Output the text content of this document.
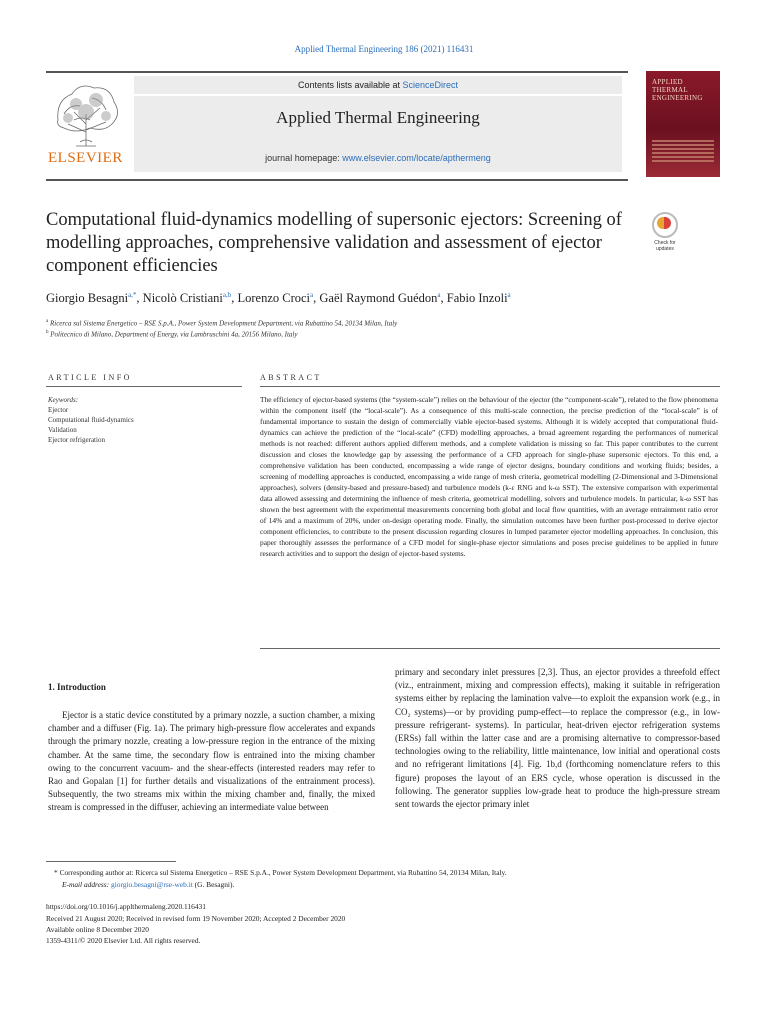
Applied Thermal Engineering 186 (2021) 116431
ELSEVIER
Contents lists available at ScienceDirect
Applied Thermal Engineering
journal homepage: www.elsevier.com/locate/apthermeng
APPLIED
THERMAL
ENGINEERING
Check for
updates
Computational fluid-dynamics modelling of supersonic ejectors: Screening of modelling approaches, comprehensive validation and assessment of ejector component efficiencies
Giorgio Besagni$^{a,*}$, Nicolò Cristiani$^{a,b}$, Lorenzo Croci$^a$, Gaël Raymond Guédon$^a$, Fabio Inzoli$^a$
$^a$ Ricerca sul Sistema Energetico – RSE S.p.A., Power System Development Department, via Rubattino 54, 20134 Milan, Italy
$^b$ Politecnico di Milano, Department of Energy, via Lambruschini 4a, 20156 Milano, Italy
ARTICLE INFO
Keywords:
Ejector
Computational fluid-dynamics
Validation
Ejector refrigeration
ABSTRACT
The efficiency of ejector-based systems (the “system-scale”) relies on the behaviour of the ejector (the “component-scale”), related to the flow phenomena within the component itself (the “local-scale”). As a consequence of this multi-scale connection, the precise prediction of the “local-scale” is of fundamental importance to sustain the design of commercially viable ejector-based systems. Although it is widely accepted that computational fluid-dynamics can achieve the prediction of the “local-scale” (CFD) modelling approaches, a broad agreement regarding the performances of numerical methods is not reached: different authors applied different methods, and a complete validation is missing so far. This paper contributes to the current discussion and closes the knowledge gap by assessing the performance of a CFD approach for single-phase supersonic ejectors. To this end, a comprehensive validation has been conducted, encompassing a wide range of ejector designs, boundary conditions and working fluids; besides, a screening of modelling approaches is conducted, encompassing a wide range of mesh criteria, geometrical modelling (2-Dimensional and 3-Dimensional approaches), solvers (density-based and pressure-based) and turbulence models (k-ε RNG and k-ω SST). The extensive comparison with experimental data allowed assessing and determining the influence of mesh criteria, geometrical modelling, solvers and turbulence models. In particular, k-ω SST has shown the best agreement with the experimental measurements concerning both global and local flow quantities, with an average entrainment ratio error of 14% and a maximum of 20%, under on-design operating mode. Finally, the simulation outcomes have been further post-processed to derive ejector component efficiencies, to contribute to the present discussion regarding closures in lumped parameter ejector modelling approaches. In conclusion, this paper thoroughly assesses the performance of a CFD model for single-phase ejector simulations and poses precise guidelines to be applied in future research activities and to support the design of ejector-based systems.
1. Introduction
Ejector is a static device constituted by a primary nozzle, a suction chamber, a mixing chamber and a diffuser (Fig. 1a). The primary high-pressure flow accelerates and expands through the primary nozzle, creating a low-pressure region in the entrance of the mixing chamber. At the same time, the secondary flow is entrained into the mixing chamber owing to the concurrent vacuum- and the shear-effects (interested readers may refer to Rao and Gopalan [1] for further details and visualizations of the entrainment process). Subsequently, the two streams mix within the mixing chamber and, finally, the mixed stream is compressed in the diffuser, achieving an intermediate value between
primary and secondary inlet pressures [2,3]. Thus, an ejector provides a threefold effect (viz., entrainment, mixing and compression effects), making it suitable in refrigeration systems either by replacing the lamination valve—to exploit the expansion work (e.g., in CO₂ systems)—or by providing pump-effect—to replace the compressor (e.g., in low-pressure refrigerant- systems). In particular, heat-driven ejector refrigeration systems (ERSs) fall within the latter case and are a promising alternative to compressor-based technologies owing to the reliability, little maintenance, low initial and operational costs and no refrigerant limitations [4]. Fig. 1b,d (forthcoming nomenclature refers to this figure) proposes the layout of an ERS cycle, whose operation is discussed in the following. The generator supplies low-grade heat to produce the high-pressure stream sent towards the ejector primary inlet
* Corresponding author at: Ricerca sul Sistema Energetico – RSE S.p.A., Power System Development Department, via Rubattino 54, 20134 Milan, Italy.
E-mail address: giorgio.besagni@rse-web.it (G. Besagni).
https://doi.org/10.1016/j.applthermaleng.2020.116431
Received 21 August 2020; Received in revised form 19 November 2020; Accepted 2 December 2020
Available online 8 December 2020
1359-4311/© 2020 Elsevier Ltd. All rights reserved.
